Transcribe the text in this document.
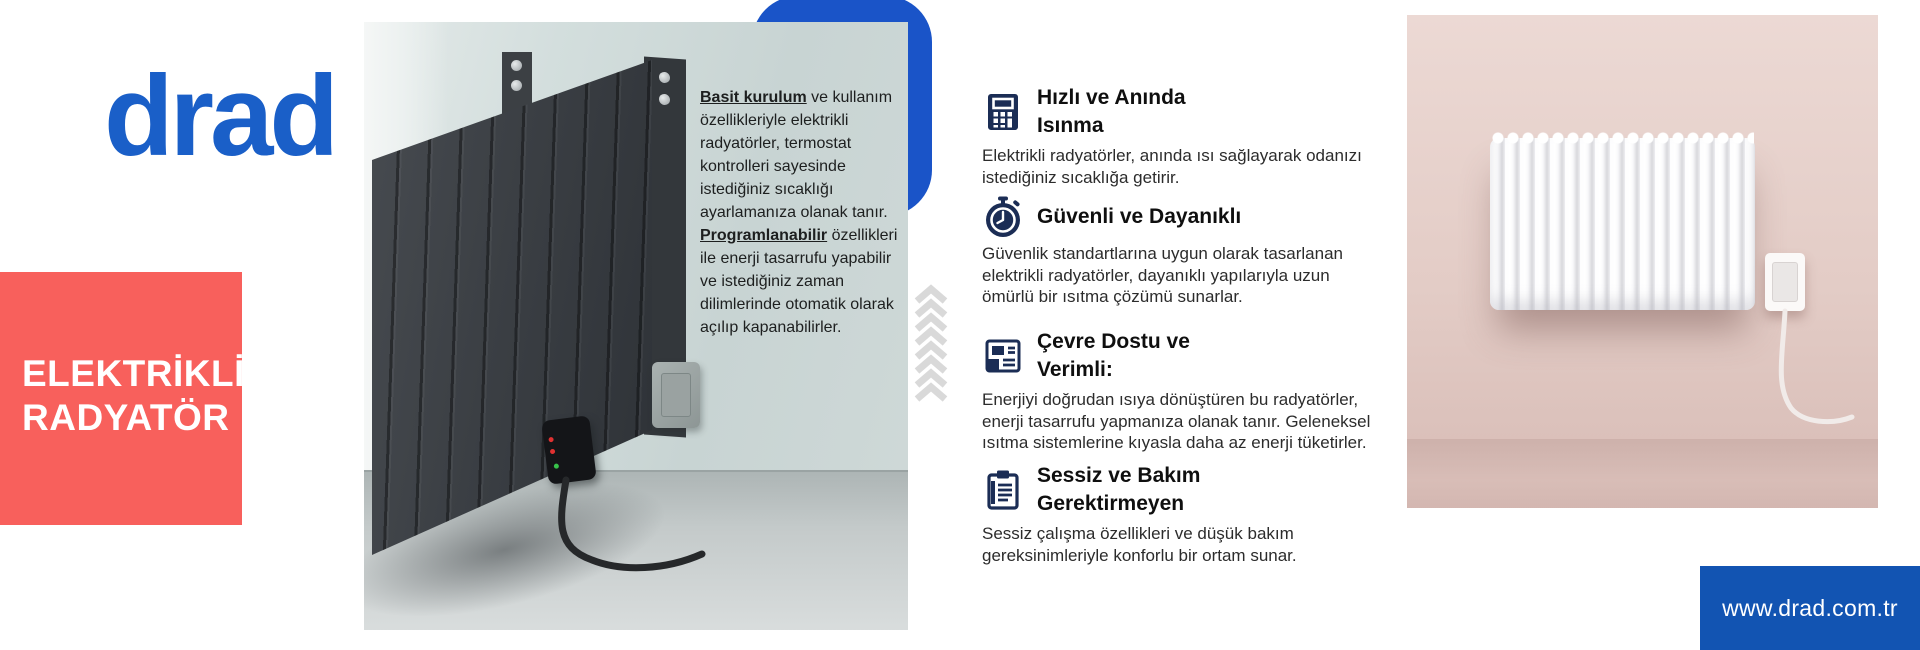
drad
ELEKTRİKLİ
RADYATÖR
Basit kurulum ve kullanım özellikleriyle elektrikli radyatörler, termostat kontrolleri sayesinde istediğiniz sıcaklığı ayarlamanıza olanak tanır. Programlanabilir özellikleri ile enerji tasarrufu yapabilir ve istediğiniz zaman dilimlerinde otomatik olarak açılıp kapanabilirler.
Hızlı ve Anında
Isınma

Elektrikli radyatörler, anında ısı sağlayarak odanızı istediğiniz sıcaklığa getirir.

Güvenli ve Dayanıklı

Güvenlik standartlarına uygun olarak tasarlanan elektrikli radyatörler, dayanıklı yapılarıyla uzun ömürlü bir ısıtma çözümü sunarlar.

Çevre Dostu ve
Verimli:

Enerjiyi doğrudan ısıya dönüştüren bu radyatörler, enerji tasarrufu yapmanıza olanak tanır. Geleneksel ısıtma sistemlerine kıyasla daha az enerji tüketirler.

Sessiz ve Bakım
Gerektirmeyen

Sessiz çalışma özellikleri ve düşük bakım gereksinimleriyle konforlu bir ortam sunar.

www.drad.com.tr
